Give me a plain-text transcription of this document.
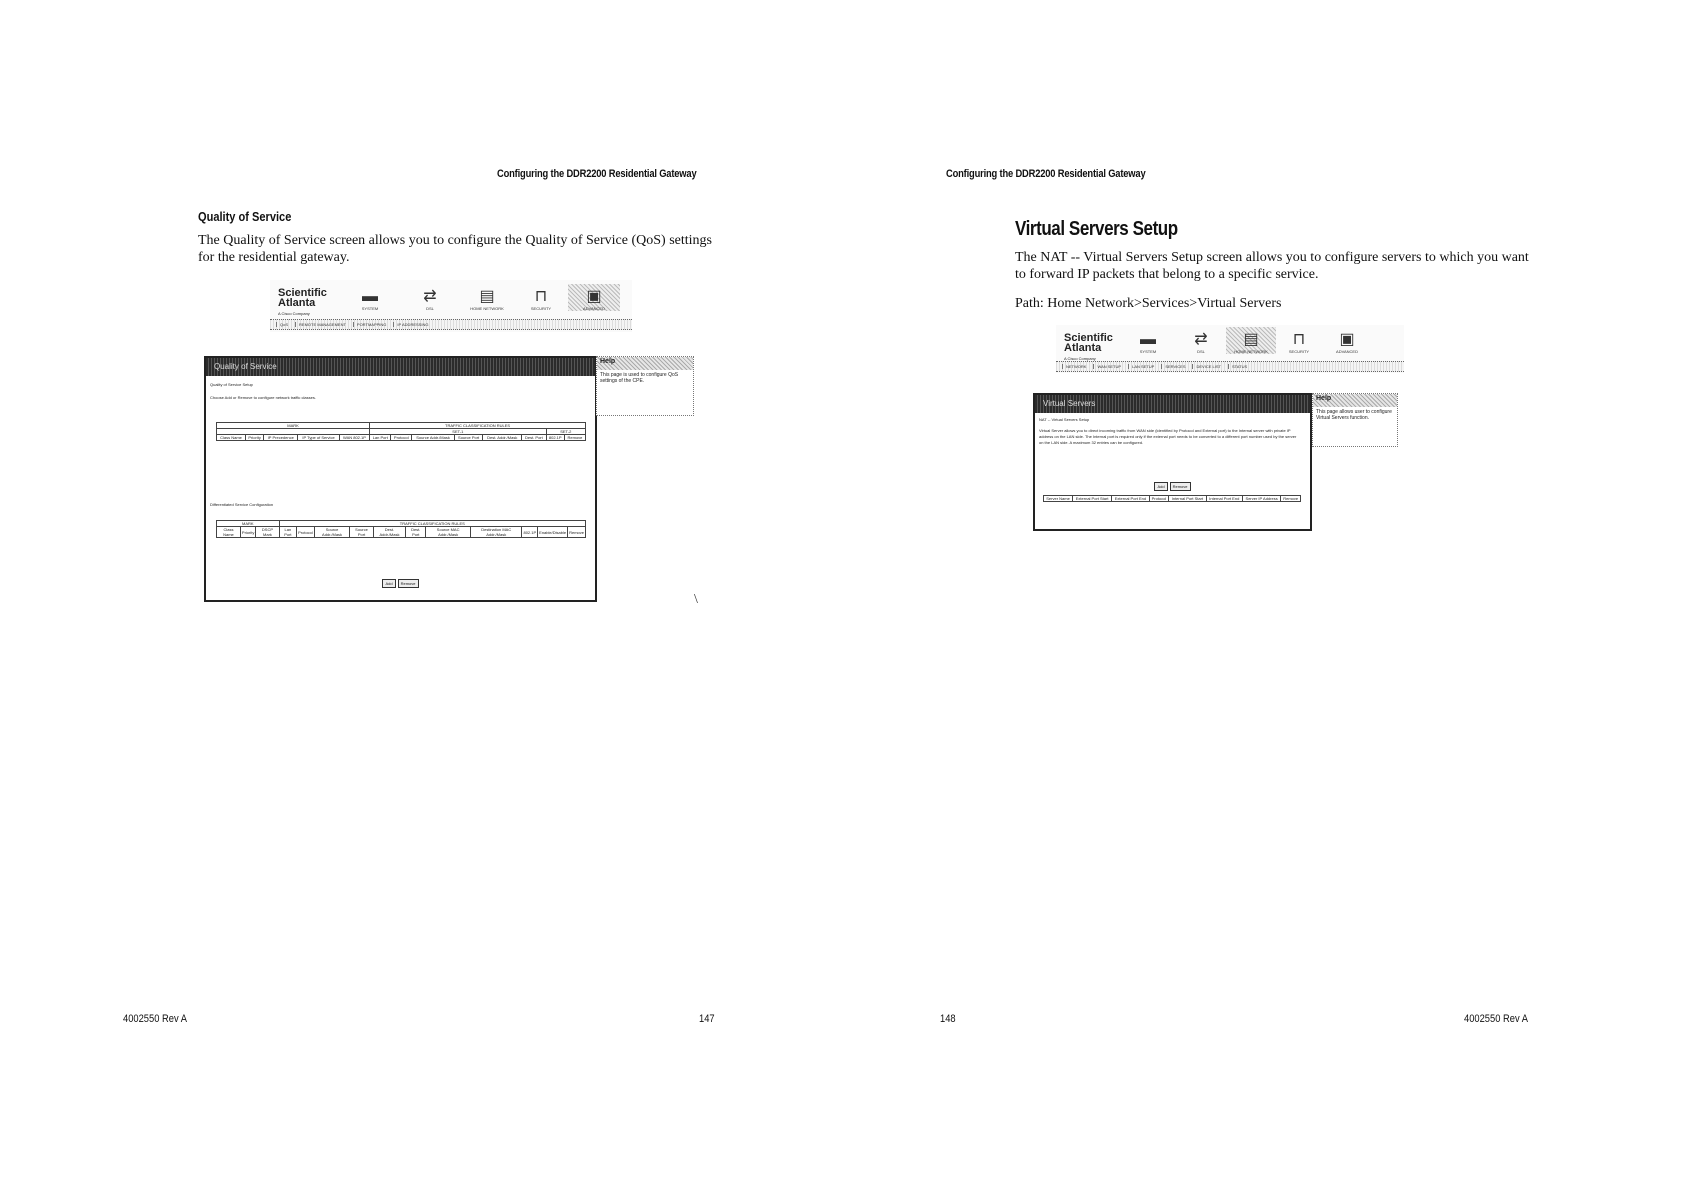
Configuring the DDR2200 Residential Gateway
Quality of Service
The Quality of Service screen allows you to configure the Quality of Service (QoS) settings for the residential gateway.
Scientific
Atlanta
A Cisco Company
▬
SYSTEM
⇄
DSL
▤
HOME NETWORK
⊓
SECURITY
▣
ADVANCED
QoS	REMOTE MANAGEMENT	PORTMAPPING	IP ADDRESSING
Quality of Service
Quality of Service Setup
Choose Add or Remove to configure network traffic classes.
MARK					TRAFFIC CLASSIFICATION RULES							
					SET-1						SET-2	
Class Name	Priority	IP Precedence	IP Type of Service	WAN 802.1P	Lan Port	Protocol	Source Addr./Mask	Source Port	Dest. Addr./Mask	Dest. Port	802.1P	Remove
Differentiated Service Configuration
MARK			TRAFFIC CLASSIFICATION RULES										
Class Name	Priority	DSCP Mark	Lan Port	Protocol	Source Addr./Mask	Source Port	Dest. Addr./Mask	Dest. Port	Source MAC Addr./Mask	Destination MAC Addr./Mask	802.1P	Enable/Disable	Remove
Add Remove
Help
This page is used to configure QoS settings of the CPE.
\
4002550 Rev A	147
Configuring the DDR2200 Residential Gateway
Virtual Servers Setup
The NAT -- Virtual Servers Setup screen allows you to configure servers to which you want to forward IP packets that belong to a specific service.
Path: Home Network>Services>Virtual Servers
Scientific
Atlanta
A Cisco Company
▬
SYSTEM
⇄
DSL
▤
HOME NETWORK
⊓
SECURITY
▣
ADVANCED
NETWORK	WAN SETUP	LAN SETUP	SERVICES	DEVICE LIST	STATUS
Virtual Servers
NAT -- Virtual Servers Setup
Virtual Server allows you to direct incoming traffic from WAN side (identified by Protocol and External port) to the Internal server with private IP address on the LAN side. The Internal port is required only if the external port needs to be converted to a different port number used by the server on the LAN side. A maximum 32 entries can be configured.
Add Remove
Server Name	External Port Start	External Port End	Protocol	Internal Port Start	Internal Port End	Server IP Address	Remove
Help
This page allows user to configure Virtual Servers function.
148	4002550 Rev A
